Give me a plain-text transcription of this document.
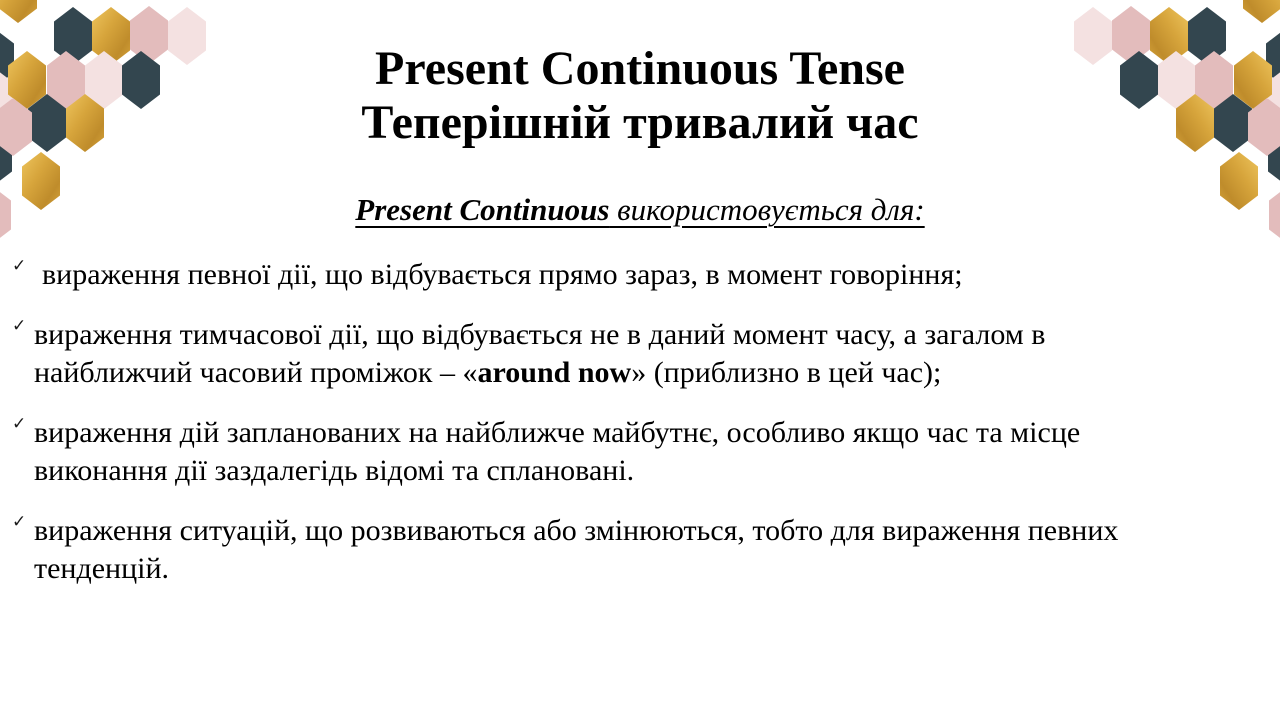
Present Continuous Tense
Теперішній тривалий час
Present Continuous використовується для:
✓ вираження певної дії, що відбувається прямо зараз, в момент говоріння;
✓ вираження тимчасової дії, що відбувається не в даний момент часу, а загалом в найближчий часовий проміжок – «around now» (приблизно в цей час);
✓ вираження дій запланованих на найближче майбутнє, особливо якщо час та місце виконання дії заздалегідь відомі та сплановані.
✓ вираження ситуацій, що розвиваються або змінюються, тобто для вираження певних тенденцій.
